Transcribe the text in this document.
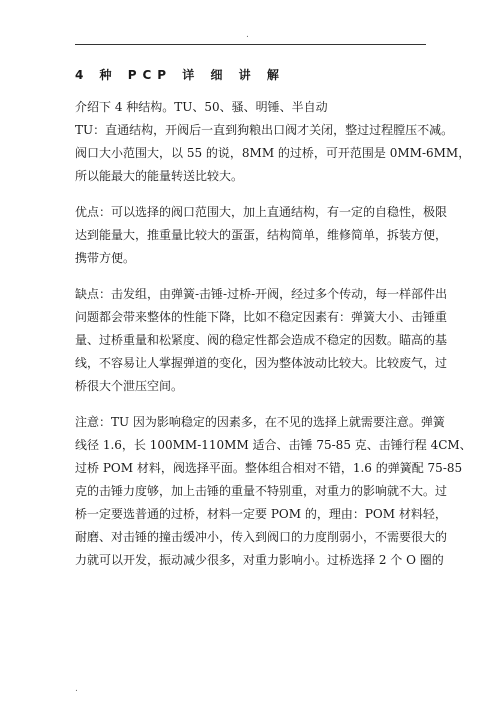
.
4 种 PCP 详 细 讲 解
介绍下 4 种结构。TU、50、骚、明锤、半自动
TU：直通结构，开阀后一直到狗粮出口阀才关闭，整过过程膛压不减。
阀口大小范围大，以 55 的说，8MM 的过桥，可开范围是 0MM-6MM，
所以能最大的能量转送比较大。
优点：可以选择的阀口范围大，加上直通结构，有一定的自稳性，极限
达到能量大，推重量比较大的蛋蛋，结构简单，维修简单，拆装方便，
携带方便。
缺点：击发组，由弹簧-击锤-过桥-开阀，经过多个传动，每一样部件出
问题都会带来整体的性能下降，比如不稳定因素有：弹簧大小、击锤重
量、过桥重量和松紧度、阀的稳定性都会造成不稳定的因数。瞄高的基
线，不容易让人掌握弹道的变化，因为整体波动比较大。比较废气，过
桥很大个泄压空间。
注意：TU 因为影响稳定的因素多，在不见的选择上就需要注意。弹簧
线径 1.6，长 100MM-110MM 适合、击锤 75-85 克、击锤行程 4CM、
过桥 POM 材料，阀选择平面。整体组合相对不错，1.6 的弹簧配 75-85
克的击锤力度够，加上击锤的重量不特别重，对重力的影响就不大。过
桥一定要选普通的过桥，材料一定要 POM 的，理由：POM 材料轻，
耐磨、对击锤的撞击缓冲小，传入到阀口的力度削弱小，不需要很大的
力就可以开发，振动减少很多，对重力影响小。过桥选择 2 个 O 圈的
.
